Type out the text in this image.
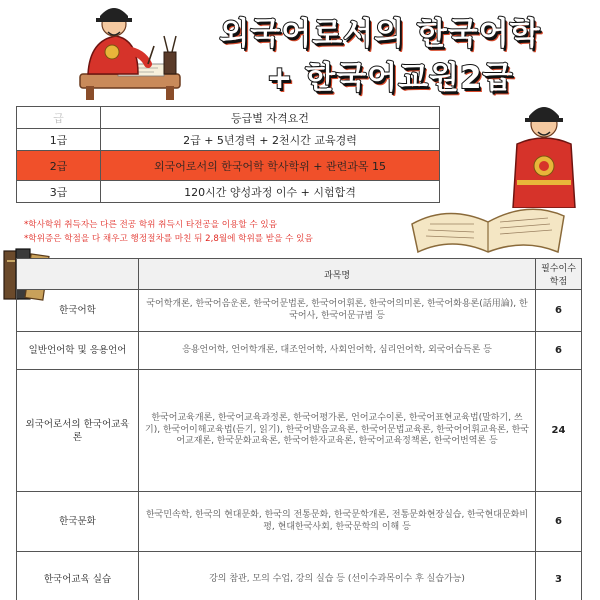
외국어로서의 한국어학
+ 한국어교원2급
급	등급별 자격요건
1급	2급 + 5년경력 + 2천시간 교육경력
2급	외국어로서의 한국어학 학사학위 + 관련과목 15
3급	120시간 양성과정 이수 + 시험합격
*학사학위 취득자는 다른 전공 학위 취득시 타전공을 이용할 수 있음
*학위증은 학점을 다 채우고 행정절차를 마친 뒤 2,8월에 학위를 받을 수 있음
	과목명	필수이수학점
한국어학	국어학개론, 한국어음운론, 한국어문법론, 한국어어휘론, 한국어의미론, 한국어화용론(話用論), 한국어사, 한국어문규범 등	6
일반언어학 및 응용언어	응용언어학, 언어학개론, 대조언어학, 사회언어학, 심리언어학, 외국어습득론 등	6
외국어로서의 한국어교육론	한국어교육개론, 한국어교육과정론, 한국어평가론, 언어교수이론, 한국어표현교육법(말하기, 쓰기), 한국어이해교육법(듣기, 읽기), 한국어발음교육론, 한국어문법교육론, 한국어어휘교육론, 한국어교재론, 한국문화교육론, 한국어한자교육론, 한국어교육정책론, 한국어번역론 등	24
한국문화	한국민속학, 한국의 현대문화, 한국의 전통문화, 한국문학개론, 전통문화현장실습, 한국현대문화비평, 현대한국사회, 한국문학의 이해 등	6
한국어교육 실습	강의 참관, 모의 수업, 강의 실습 등 (선이수과목이수 후 실습가능)	3
